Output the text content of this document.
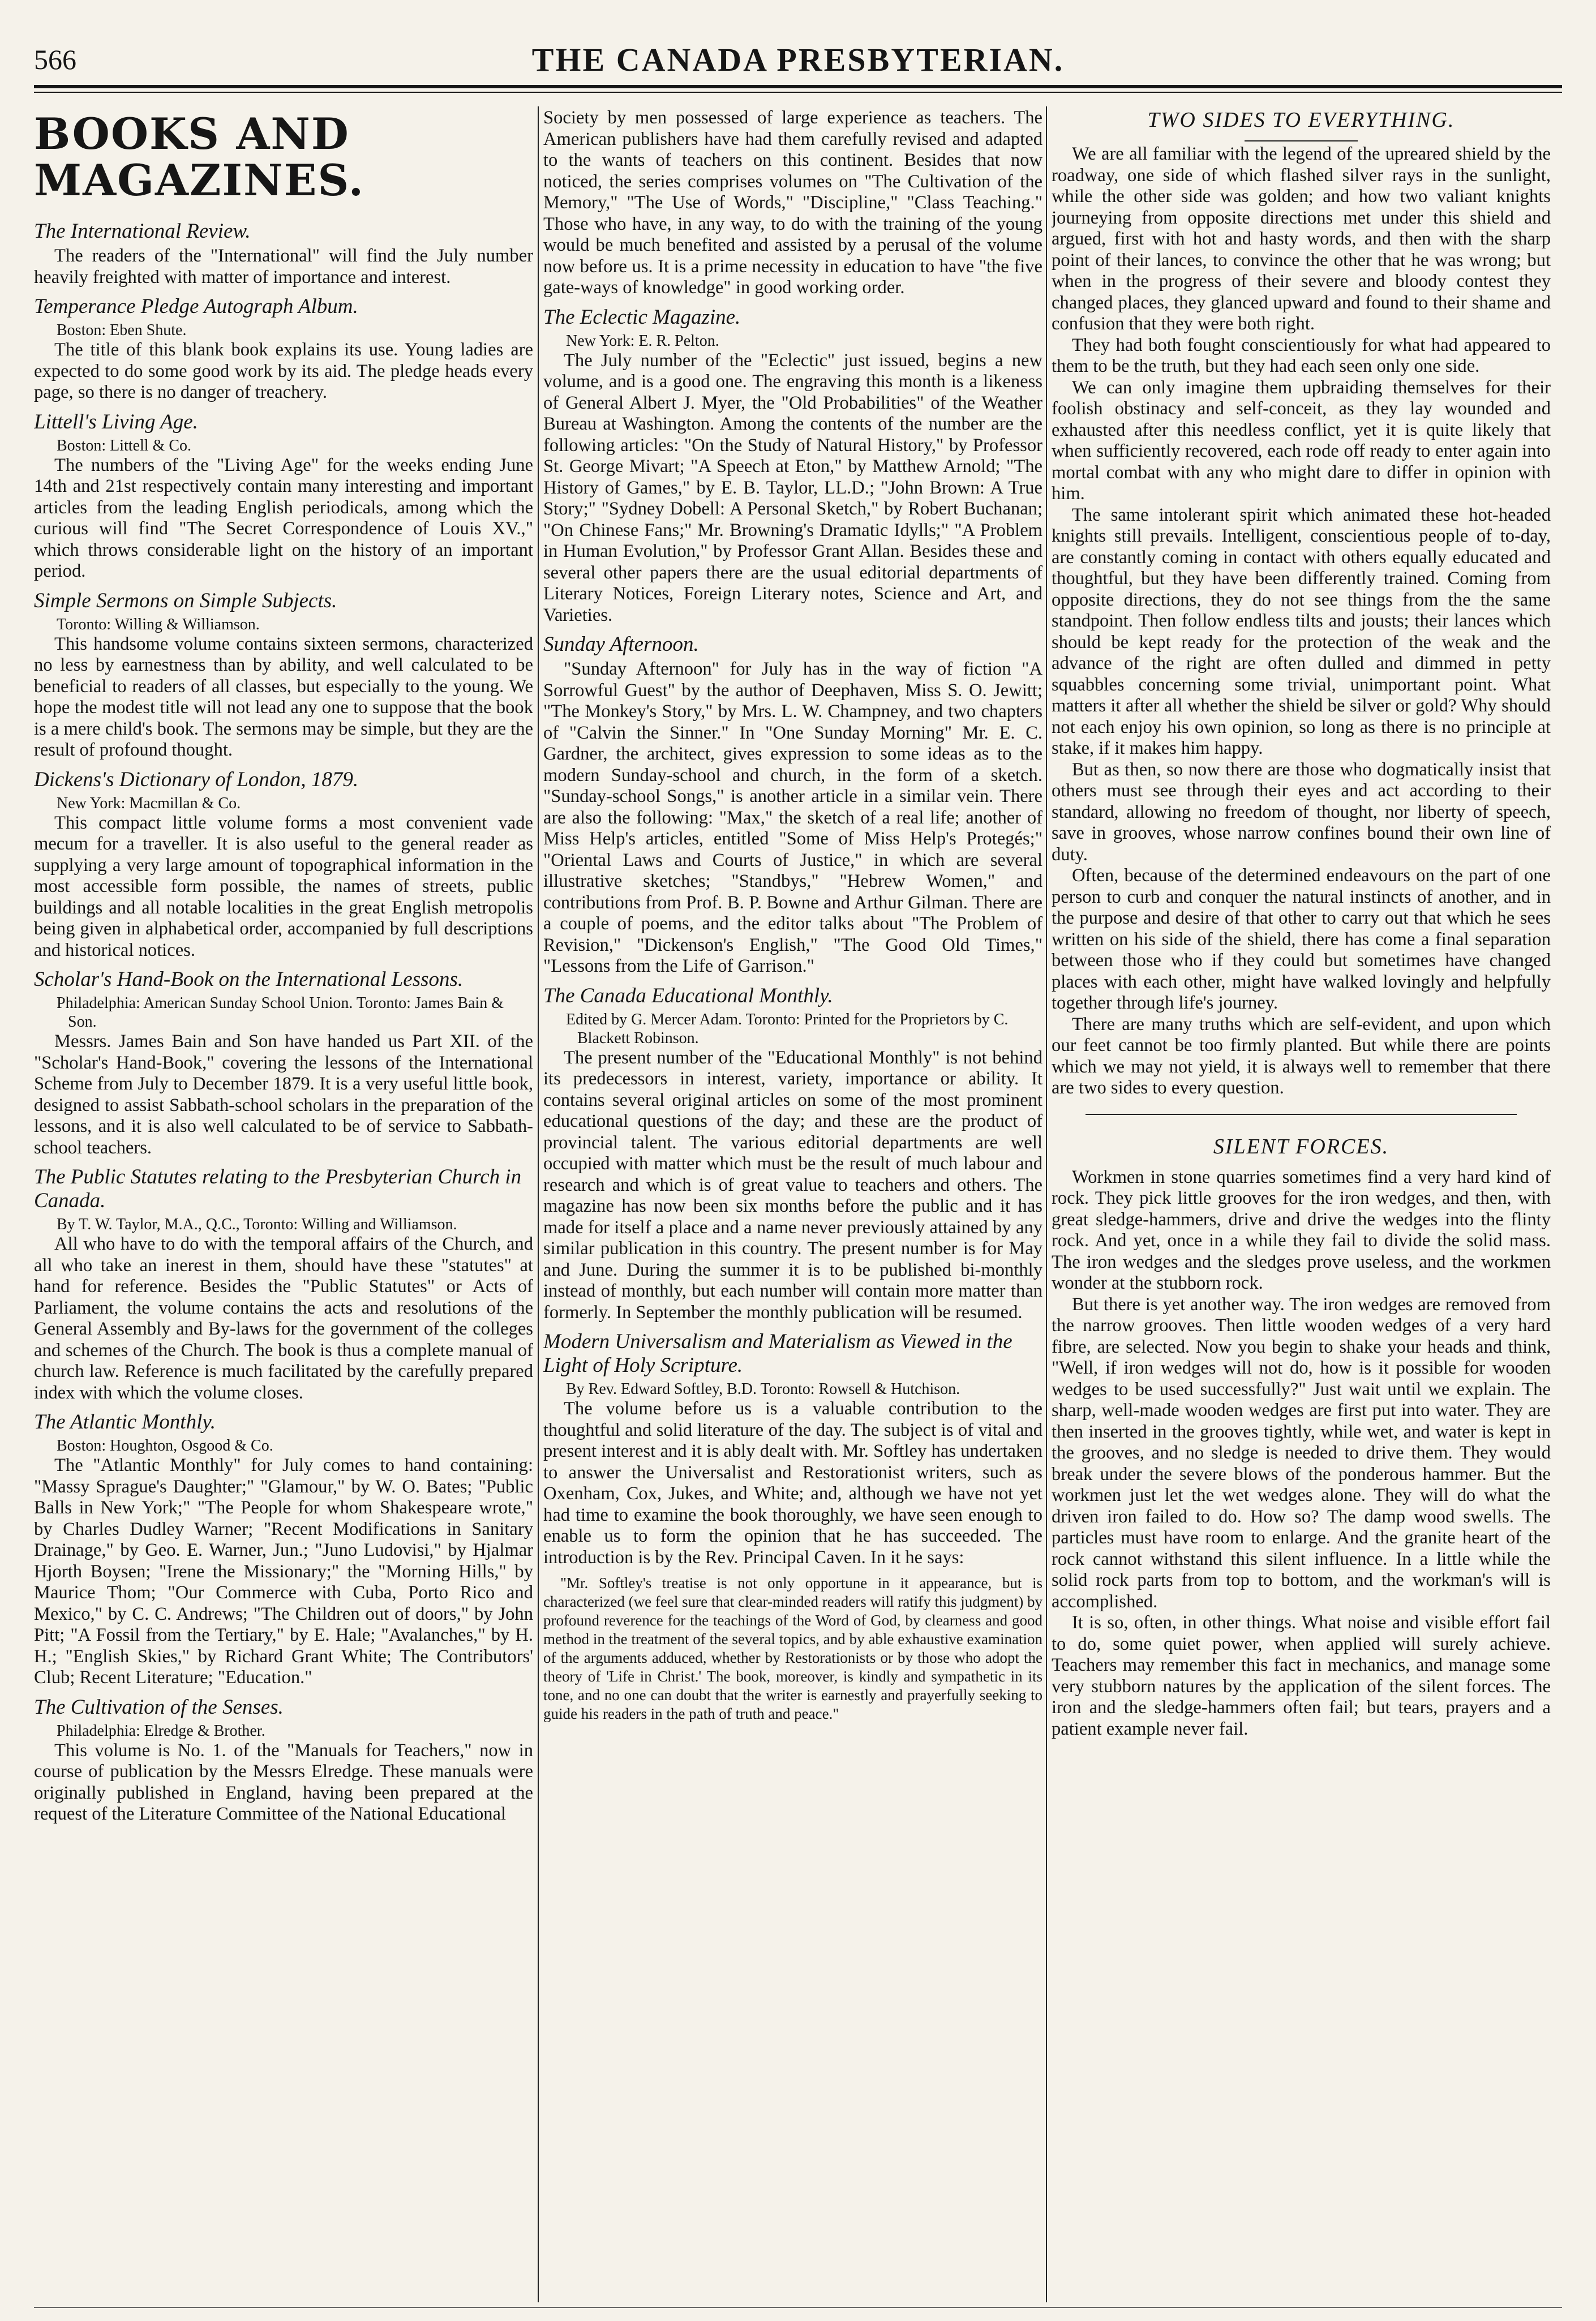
566	THE CANADA PRESBYTERIAN.
BOOKS AND MAGAZINES.
The International Review.

The readers of the "International" will find the July number heavily freighted with matter of importance and interest.

Temperance Pledge Autograph Album.
Boston: Eben Shute.

The title of this blank book explains its use. Young ladies are expected to do some good work by its aid. The pledge heads every page, so there is no danger of treachery.

Littell's Living Age.
Boston: Littell & Co.

The numbers of the "Living Age" for the weeks ending June 14th and 21st respectively contain many interesting and important articles from the leading English periodicals, among which the curious will find "The Secret Correspondence of Louis XV.," which throws considerable light on the history of an important period.

Simple Sermons on Simple Subjects.
Toronto: Willing & Williamson.

This handsome volume contains sixteen sermons, characterized no less by earnestness than by ability, and well calculated to be beneficial to readers of all classes, but especially to the young. We hope the modest title will not lead any one to suppose that the book is a mere child's book. The sermons may be simple, but they are the result of profound thought.

Dickens's Dictionary of London, 1879.
New York: Macmillan & Co.

This compact little volume forms a most convenient vade mecum for a traveller. It is also useful to the general reader as supplying a very large amount of topographical information in the most accessible form possible, the names of streets, public buildings and all notable localities in the great English metropolis being given in alphabetical order, accompanied by full descriptions and historical notices.

Scholar's Hand-Book on the International Lessons.
Philadelphia: American Sunday School Union. Toronto: James Bain & Son.

Messrs. James Bain and Son have handed us Part XII. of the "Scholar's Hand-Book," covering the lessons of the International Scheme from July to December 1879. It is a very useful little book, designed to assist Sabbath-school scholars in the preparation of the lessons, and it is also well calculated to be of service to Sabbath-school teachers.

The Public Statutes relating to the Presbyterian Church in Canada.
By T. W. Taylor, M.A., Q.C., Toronto: Willing and Williamson.

All who have to do with the temporal affairs of the Church, and all who take an inerest in them, should have these "statutes" at hand for reference. Besides the "Public Statutes" or Acts of Parliament, the volume contains the acts and resolutions of the General Assembly and By-laws for the government of the colleges and schemes of the Church. The book is thus a complete manual of church law. Reference is much facilitated by the carefully prepared index with which the volume closes.

The Atlantic Monthly.
Boston: Houghton, Osgood & Co.

The "Atlantic Monthly" for July comes to hand containing: "Massy Sprague's Daughter;" "Glamour," by W. O. Bates; "Public Balls in New York;" "The People for whom Shakespeare wrote," by Charles Dudley Warner; "Recent Modifications in Sanitary Drainage," by Geo. E. Warner, Jun.; "Juno Ludovisi," by Hjalmar Hjorth Boysen; "Irene the Missionary;" the "Morning Hills," by Maurice Thom; "Our Commerce with Cuba, Porto Rico and Mexico," by C. C. Andrews; "The Children out of doors," by John Pitt; "A Fossil from the Tertiary," by E. Hale; "Avalanches," by H. H.; "English Skies," by Richard Grant White; The Contributors' Club; Recent Literature; "Education."

The Cultivation of the Senses.
Philadelphia: Elredge & Brother.

This volume is No. 1. of the "Manuals for Teachers," now in course of publication by the Messrs Elredge. These manuals were originally published in England, having been prepared at the request of the Literature Committee of the National Educational

Society by men possessed of large experience as teachers. The American publishers have had them carefully revised and adapted to the wants of teachers on this continent. Besides that now noticed, the series comprises volumes on "The Cultivation of the Memory," "The Use of Words," "Discipline," "Class Teaching." Those who have, in any way, to do with the training of the young would be much benefited and assisted by a perusal of the volume now before us. It is a prime necessity in education to have "the five gate-ways of knowledge" in good working order.

The Eclectic Magazine.
New York: E. R. Pelton.

The July number of the "Eclectic" just issued, begins a new volume, and is a good one. The engraving this month is a likeness of General Albert J. Myer, the "Old Probabilities" of the Weather Bureau at Washington. Among the contents of the number are the following articles: "On the Study of Natural History," by Professor St. George Mivart; "A Speech at Eton," by Matthew Arnold; "The History of Games," by E. B. Taylor, LL.D.; "John Brown: A True Story;" "Sydney Dobell: A Personal Sketch," by Robert Buchanan; "On Chinese Fans;" Mr. Browning's Dramatic Idylls;" "A Problem in Human Evolution," by Professor Grant Allan. Besides these and several other papers there are the usual editorial departments of Literary Notices, Foreign Literary notes, Science and Art, and Varieties.

Sunday Afternoon.

"Sunday Afternoon" for July has in the way of fiction "A Sorrowful Guest" by the author of Deephaven, Miss S. O. Jewitt; "The Monkey's Story," by Mrs. L. W. Champney, and two chapters of "Calvin the Sinner." In "One Sunday Morning" Mr. E. C. Gardner, the architect, gives expression to some ideas as to the modern Sunday-school and church, in the form of a sketch. "Sunday-school Songs," is another article in a similar vein. There are also the following: "Max," the sketch of a real life; another of Miss Help's articles, entitled "Some of Miss Help's Protegés;" "Oriental Laws and Courts of Justice," in which are several illustrative sketches; "Standbys," "Hebrew Women," and contributions from Prof. B. P. Bowne and Arthur Gilman. There are a couple of poems, and the editor talks about "The Problem of Revision," "Dickenson's English," "The Good Old Times," "Lessons from the Life of Garrison."

The Canada Educational Monthly.
Edited by G. Mercer Adam. Toronto: Printed for the Proprietors by C. Blackett Robinson.

The present number of the "Educational Monthly" is not behind its predecessors in interest, variety, importance or ability. It contains several original articles on some of the most prominent educational questions of the day; and these are the product of provincial talent. The various editorial departments are well occupied with matter which must be the result of much labour and research and which is of great value to teachers and others. The magazine has now been six months before the public and it has made for itself a place and a name never previously attained by any similar publication in this country. The present number is for May and June. During the summer it is to be published bi-monthly instead of monthly, but each number will contain more matter than formerly. In September the monthly publication will be resumed.

Modern Universalism and Materialism as Viewed in the Light of Holy Scripture.
By Rev. Edward Softley, B.D. Toronto: Rowsell & Hutchison.

The volume before us is a valuable contribution to the thoughtful and solid literature of the day. The subject is of vital and present interest and it is ably dealt with. Mr. Softley has undertaken to answer the Universalist and Restorationist writers, such as Oxenham, Cox, Jukes, and White; and, although we have not yet had time to examine the book thoroughly, we have seen enough to enable us to form the opinion that he has succeeded. The introduction is by the Rev. Principal Caven. In it he says:

"Mr. Softley's treatise is not only opportune in it appearance, but is characterized (we feel sure that clear-minded readers will ratify this judgment) by profound reverence for the teachings of the Word of God, by clearness and good method in the treatment of the several topics, and by able exhaustive examination of the arguments adduced, whether by Restorationists or by those who adopt the theory of 'Life in Christ.' The book, moreover, is kindly and sympathetic in its tone, and no one can doubt that the writer is earnestly and prayerfully seeking to guide his readers in the path of truth and peace."

TWO SIDES TO EVERYTHING.

We are all familiar with the legend of the upreared shield by the roadway, one side of which flashed silver rays in the sunlight, while the other side was golden; and how two valiant knights journeying from opposite directions met under this shield and argued, first with hot and hasty words, and then with the sharp point of their lances, to convince the other that he was wrong; but when in the progress of their severe and bloody contest they changed places, they glanced upward and found to their shame and confusion that they were both right.

They had both fought conscientiously for what had appeared to them to be the truth, but they had each seen only one side.

We can only imagine them upbraiding themselves for their foolish obstinacy and self-conceit, as they lay wounded and exhausted after this needless conflict, yet it is quite likely that when sufficiently recovered, each rode off ready to enter again into mortal combat with any who might dare to differ in opinion with him.

The same intolerant spirit which animated these hot-headed knights still prevails. Intelligent, conscientious people of to-day, are constantly coming in contact with others equally educated and thoughtful, but they have been differently trained. Coming from opposite directions, they do not see things from the the same standpoint. Then follow endless tilts and jousts; their lances which should be kept ready for the protection of the weak and the advance of the right are often dulled and dimmed in petty squabbles concerning some trivial, unimportant point. What matters it after all whether the shield be silver or gold? Why should not each enjoy his own opinion, so long as there is no principle at stake, if it makes him happy.

But as then, so now there are those who dogmatically insist that others must see through their eyes and act according to their standard, allowing no freedom of thought, nor liberty of speech, save in grooves, whose narrow confines bound their own line of duty.

Often, because of the determined endeavours on the part of one person to curb and conquer the natural instincts of another, and in the purpose and desire of that other to carry out that which he sees written on his side of the shield, there has come a final separation between those who if they could but sometimes have changed places with each other, might have walked lovingly and helpfully together through life's journey.

There are many truths which are self-evident, and upon which our feet cannot be too firmly planted. But while there are points which we may not yield, it is always well to remember that there are two sides to every question.

SILENT FORCES.

Workmen in stone quarries sometimes find a very hard kind of rock. They pick little grooves for the iron wedges, and then, with great sledge-hammers, drive and drive the wedges into the flinty rock. And yet, once in a while they fail to divide the solid mass. The iron wedges and the sledges prove useless, and the workmen wonder at the stubborn rock.

But there is yet another way. The iron wedges are removed from the narrow grooves. Then little wooden wedges of a very hard fibre, are selected. Now you begin to shake your heads and think, "Well, if iron wedges will not do, how is it possible for wooden wedges to be used successfully?" Just wait until we explain. The sharp, well-made wooden wedges are first put into water. They are then inserted in the grooves tightly, while wet, and water is kept in the grooves, and no sledge is needed to drive them. They would break under the severe blows of the ponderous hammer. But the workmen just let the wet wedges alone. They will do what the driven iron failed to do. How so? The damp wood swells. The particles must have room to enlarge. And the granite heart of the rock cannot withstand this silent influence. In a little while the solid rock parts from top to bottom, and the workman's will is accomplished.

It is so, often, in other things. What noise and visible effort fail to do, some quiet power, when applied will surely achieve. Teachers may remember this fact in mechanics, and manage some very stubborn natures by the application of the silent forces. The iron and the sledge-hammers often fail; but tears, prayers and a patient example never fail.
